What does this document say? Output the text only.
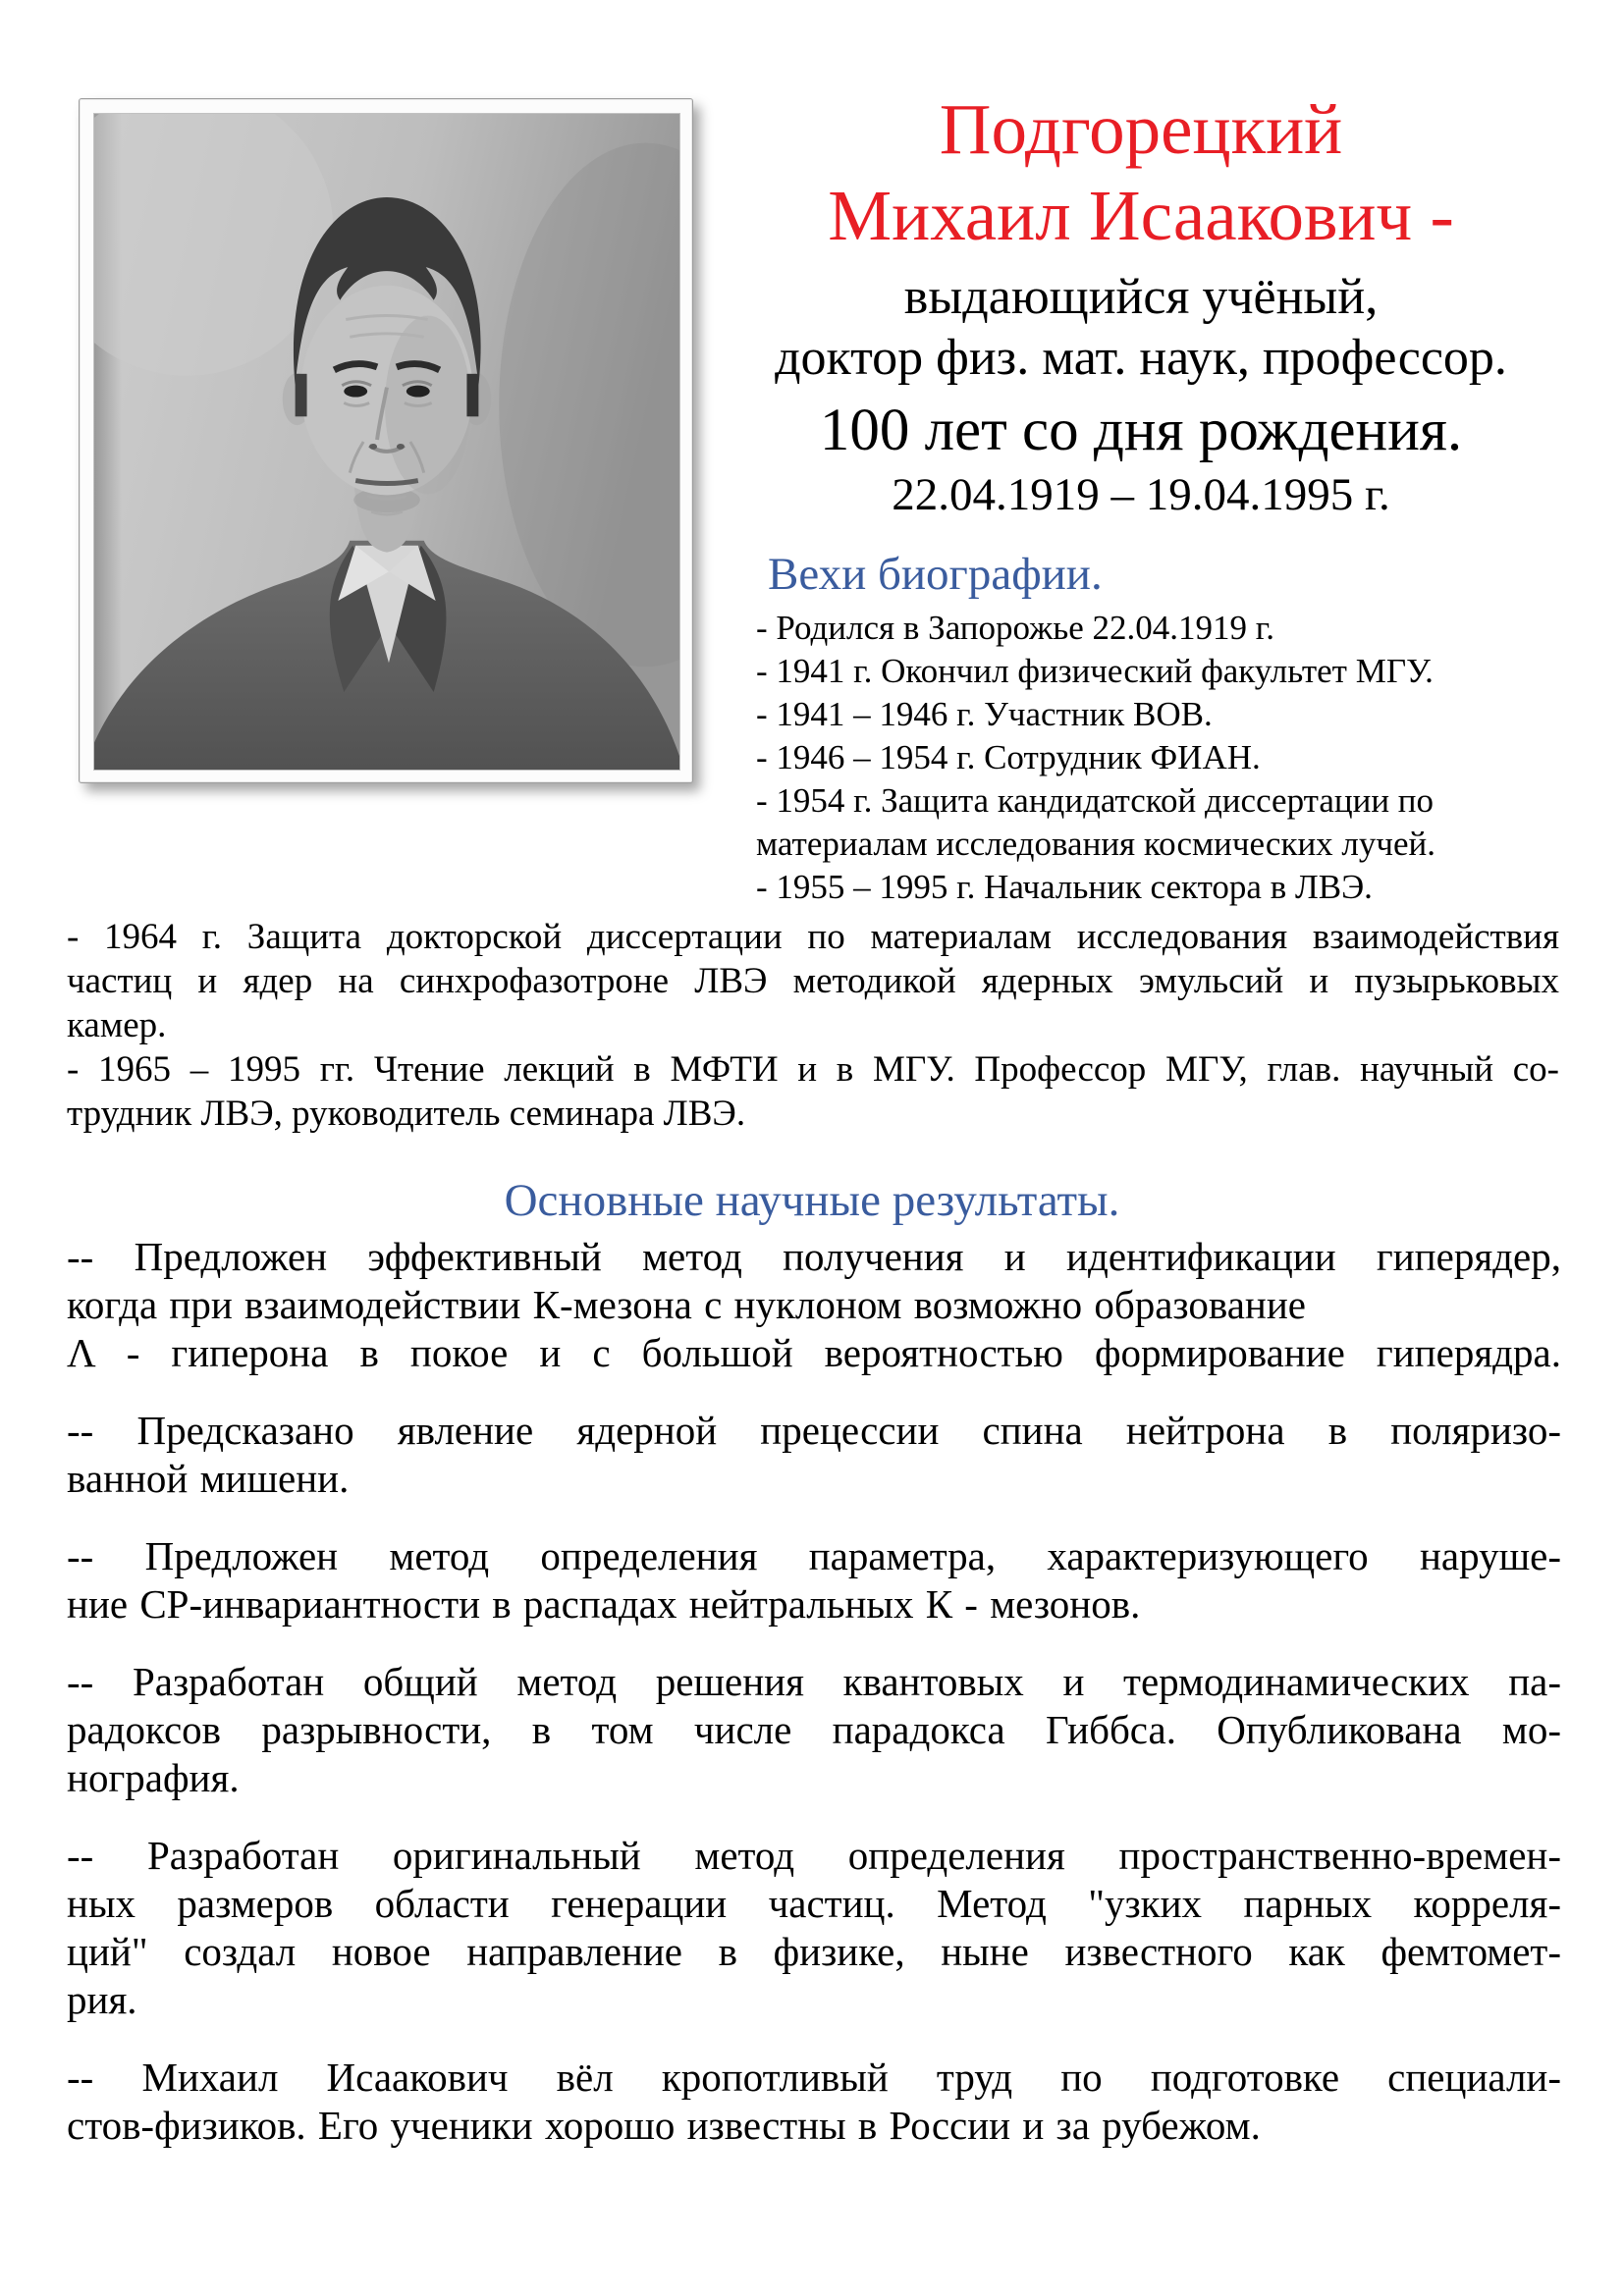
Подгорецкий
Михаил Исаакович -
выдающийся учёный,
доктор физ. мат. наук, профессор.
100 лет со дня рождения.
22.04.1919 – 19.04.1995 г.
Вехи биографии.
- Родился в Запорожье 22.04.1919 г.
- 1941 г. Окончил физический факультет МГУ.
- 1941 – 1946 г. Участник ВОВ.
- 1946 – 1954 г. Сотрудник ФИАН.
- 1954 г. Защита кандидатской диссертации по
материалам исследования космических лучей.
- 1955 – 1995 г. Начальник сектора в ЛВЭ.
- 1964 г. Защита докторской диссертации по материалам исследования взаимодействия
частиц и ядер на синхрофазотроне ЛВЭ методикой ядерных эмульсий и пузырьковых
камер.
- 1965 – 1995 гг. Чтение лекций в МФТИ и в МГУ. Профессор МГУ, глав. научный со-
трудник ЛВЭ, руководитель семинара ЛВЭ.
Основные научные результаты.
-- Предложен эффективный метод получения и идентификации гиперядер,
когда при взаимодействии К-мезона с нуклоном возможно образование
Λ - гиперона в покое и с большой вероятностью формирование гиперядра.
-- Предсказано явление ядерной прецессии спина нейтрона в поляризо-
ванной мишени.
-- Предложен метод определения параметра, характеризующего наруше-
ние СР-инвариантности в распадах нейтральных К - мезонов.
-- Разработан общий метод решения квантовых и термодинамических па-
радоксов разрывности, в том числе парадокса Гиббса. Опубликована мо-
нография.
-- Разработан оригинальный метод определения пространственно-времен-
ных размеров области генерации частиц. Метод "узких парных корреля-
ций" создал новое направление в физике, ныне известного как фемтомет-
рия.
-- Михаил Исаакович вёл кропотливый труд по подготовке специали-
стов-физиков. Его ученики хорошо известны в России и за рубежом.
